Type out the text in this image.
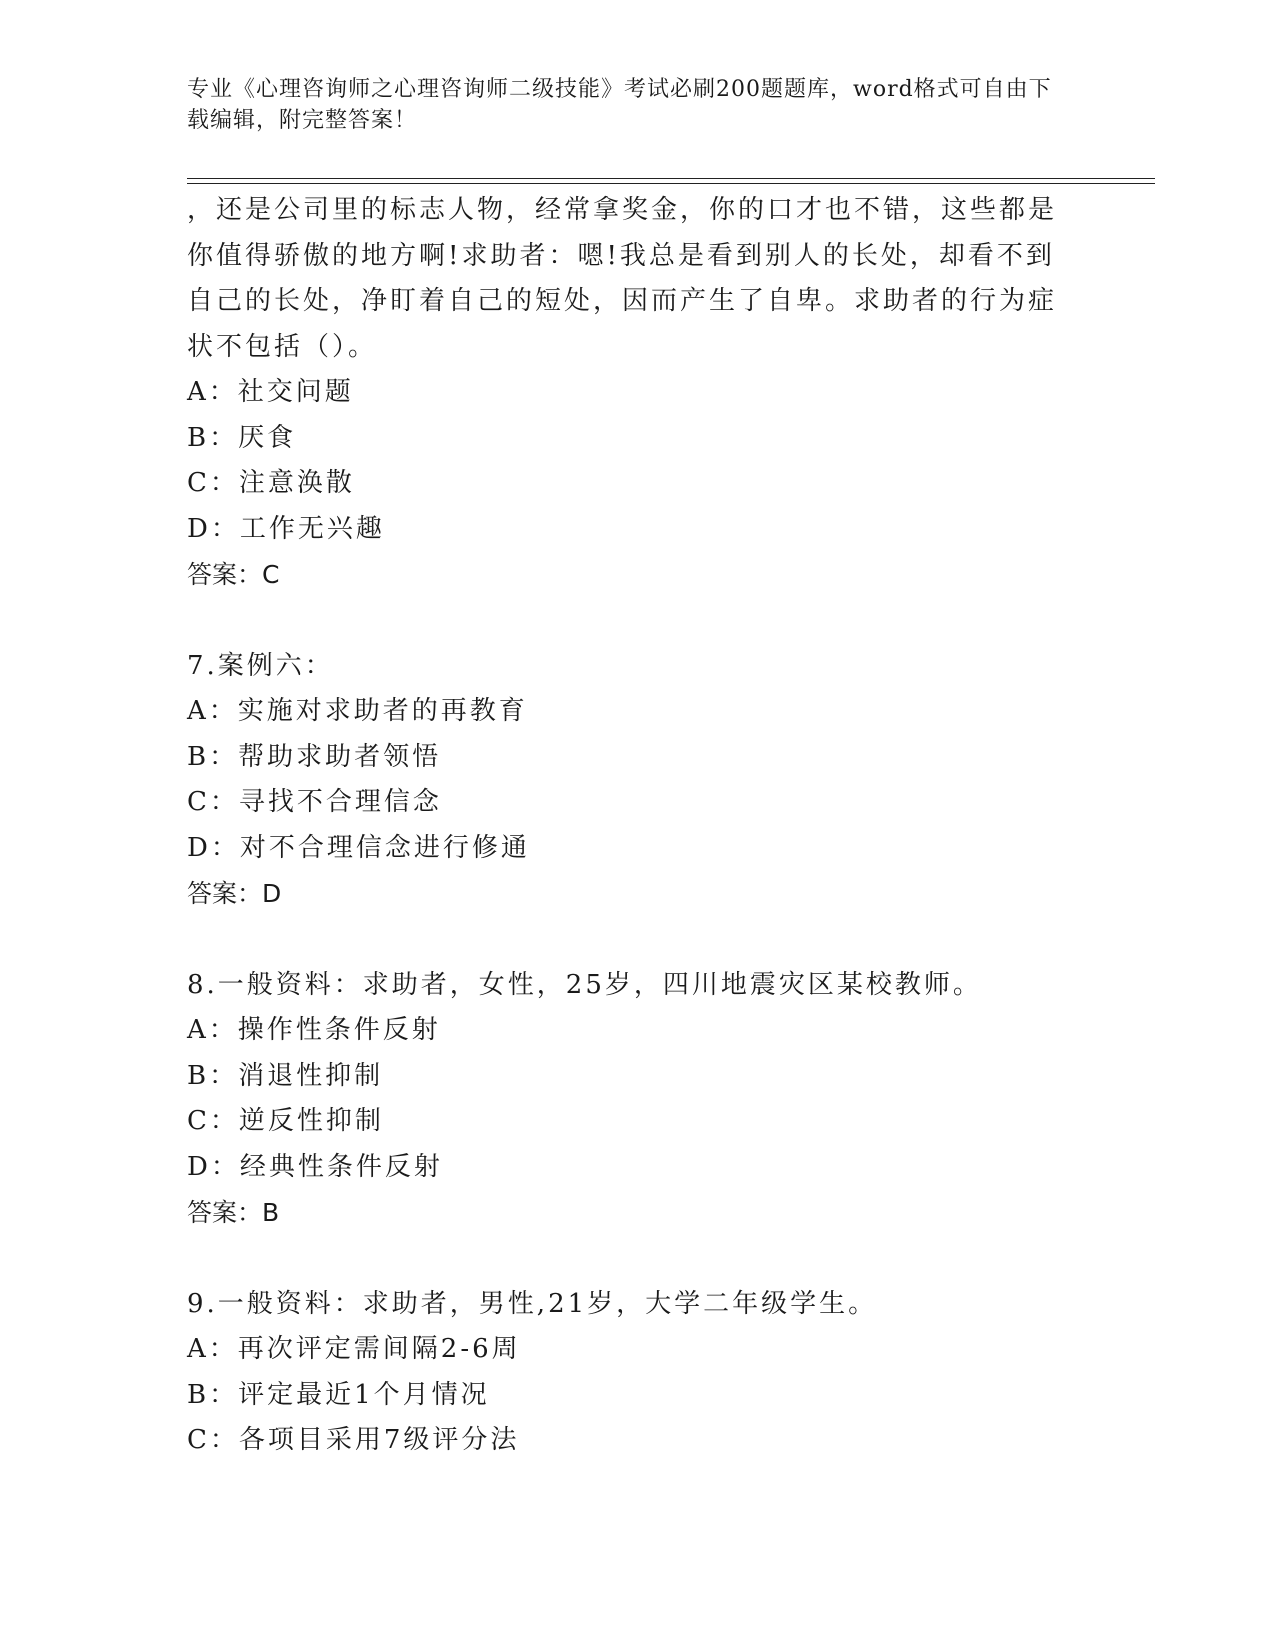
专业《心理咨询师之心理咨询师二级技能》考试必刷200题题库，word格式可自由下载编辑，附完整答案！
，还是公司里的标志人物，经常拿奖金，你的口才也不错，这些都是你值得骄傲的地方啊!求助者：嗯!我总是看到别人的长处，却看不到自己的长处，净盯着自己的短处，因而产生了自卑。求助者的行为症状不包括（）。
A：社交问题
B：厌食
C：注意涣散
D：工作无兴趣
答案：C
7.案例六：
A：实施对求助者的再教育
B：帮助求助者领悟
C：寻找不合理信念
D：对不合理信念进行修通
答案：D
8.一般资料：求助者，女性，25岁，四川地震灾区某校教师。
A：操作性条件反射
B：消退性抑制
C：逆反性抑制
D：经典性条件反射
答案：B
9.一般资料：求助者，男性,21岁，大学二年级学生。
A：再次评定需间隔2-6周
B：评定最近1个月情况
C：各项目采用7级评分法
